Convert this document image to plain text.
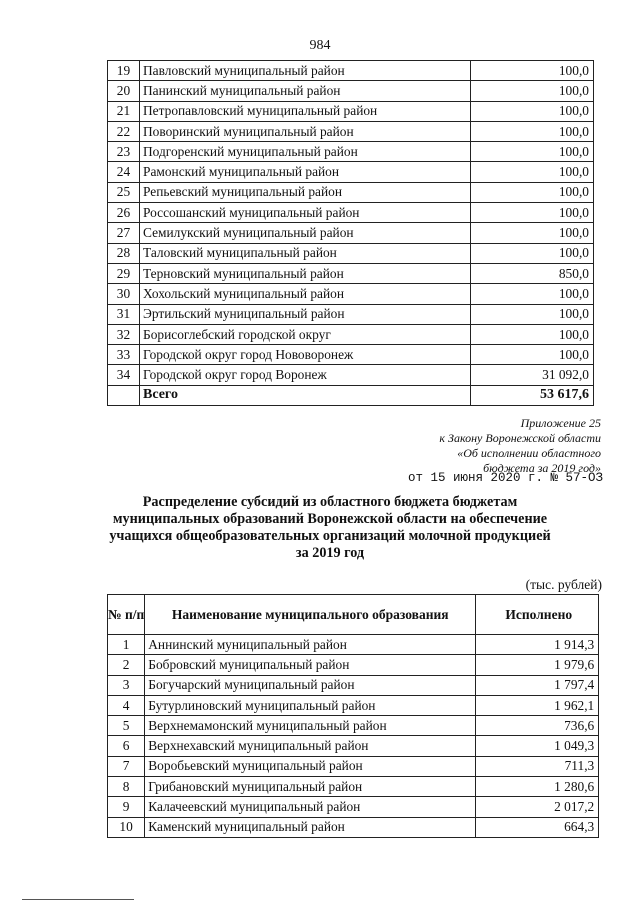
984
19	Павловский муниципальный район	100,0
20	Панинский муниципальный район	100,0
21	Петропавловский муниципальный район	100,0
22	Поворинский муниципальный район	100,0
23	Подгоренский муниципальный район	100,0
24	Рамонский муниципальный район	100,0
25	Репьевский муниципальный район	100,0
26	Россошанский муниципальный район	100,0
27	Семилукский муниципальный район	100,0
28	Таловский муниципальный район	100,0
29	Терновский муниципальный район	850,0
30	Хохольский муниципальный район	100,0
31	Эртильский муниципальный район	100,0
32	Борисоглебский городской округ	100,0
33	Городской округ город Нововоронеж	100,0
34	Городской округ город Воронеж	31 092,0
	Всего	53 617,6
Приложение 25
к Закону Воронежской области
«Об исполнении областного
бюджета за 2019 год»
от 15 июня 2020 г. № 57-ОЗ
Распределение субсидий из областного бюджета бюджетам
муниципальных образований Воронежской области на обеспечение
учащихся общеобразовательных организаций молочной продукцией
за 2019 год
(тыс. рублей)
№ п/п	Наименование муниципального образования	Исполнено
1	Аннинский муниципальный район	1 914,3
2	Бобровский муниципальный район	1 979,6
3	Богучарский муниципальный район	1 797,4
4	Бутурлиновский муниципальный район	1 962,1
5	Верхнемамонский муниципальный район	736,6
6	Верхнехавский муниципальный район	1 049,3
7	Воробьевский муниципальный район	711,3
8	Грибановский муниципальный район	1 280,6
9	Калачеевский муниципальный район	2 017,2
10	Каменский муниципальный район	664,3
